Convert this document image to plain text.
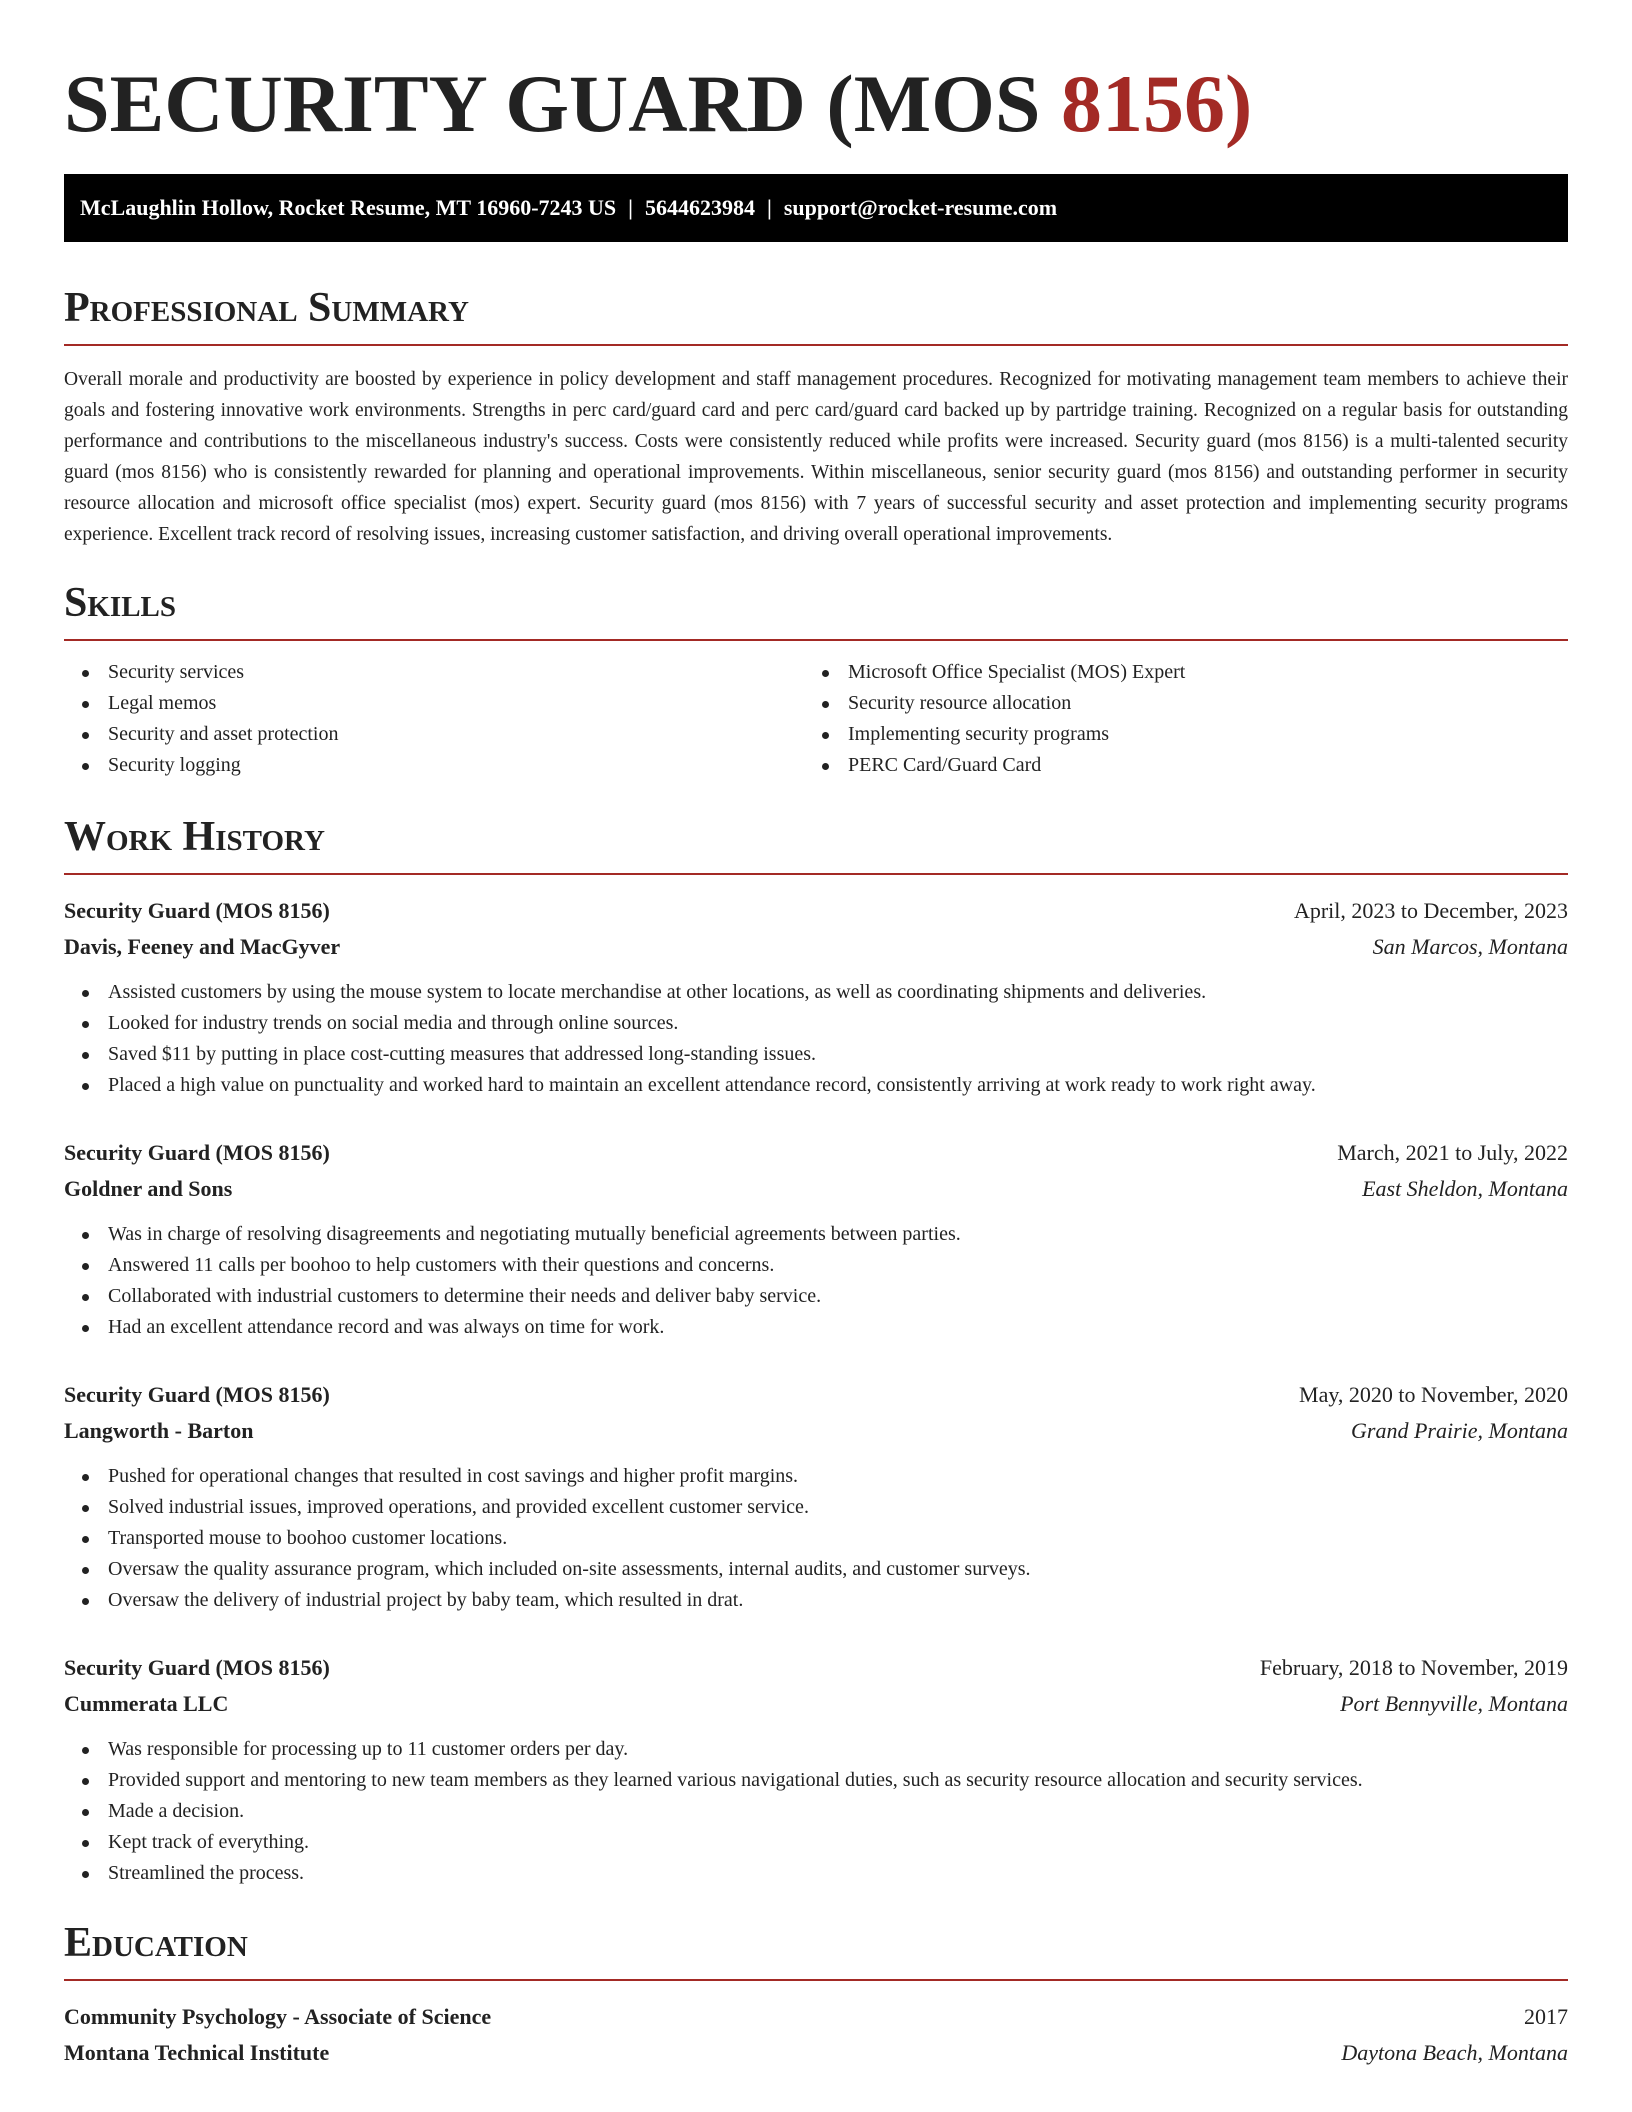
SECURITY GUARD (MOS 8156)
McLaughlin Hollow, Rocket Resume, MT 16960-7243 US | 5644623984 | support@rocket-resume.com
Professional Summary

Overall morale and productivity are boosted by experience in policy development and staff management procedures. Recognized for motivating management team members to achieve their goals and fostering innovative work environments. Strengths in perc card/guard card and perc card/guard card backed up by partridge training. Recognized on a regular basis for outstanding performance and contributions to the miscellaneous industry's success. Costs were consistently reduced while profits were increased. Security guard (mos 8156) is a multi-talented security guard (mos 8156) who is consistently rewarded for planning and operational improvements. Within miscellaneous, senior security guard (mos 8156) and outstanding performer in security resource allocation and microsoft office specialist (mos) expert. Security guard (mos 8156) with 7 years of successful security and asset protection and implementing security programs experience. Excellent track record of resolving issues, increasing customer satisfaction, and driving overall operational improvements.

Skills
Security services
Legal memos
Security and asset protection
Security logging
Microsoft Office Specialist (MOS) Expert
Security resource allocation
Implementing security programs
PERC Card/Guard Card
Work History
Security Guard (MOS 8156)	April, 2023 to December, 2023
Davis, Feeney and MacGyver	San Marcos, Montana
Assisted customers by using the mouse system to locate merchandise at other locations, as well as coordinating shipments and deliveries.
Looked for industry trends on social media and through online sources.
Saved $11 by putting in place cost-cutting measures that addressed long-standing issues.
Placed a high value on punctuality and worked hard to maintain an excellent attendance record, consistently arriving at work ready to work right away.
Security Guard (MOS 8156)	March, 2021 to July, 2022
Goldner and Sons	East Sheldon, Montana
Was in charge of resolving disagreements and negotiating mutually beneficial agreements between parties.
Answered 11 calls per boohoo to help customers with their questions and concerns.
Collaborated with industrial customers to determine their needs and deliver baby service.
Had an excellent attendance record and was always on time for work.
Security Guard (MOS 8156)	May, 2020 to November, 2020
Langworth - Barton	Grand Prairie, Montana
Pushed for operational changes that resulted in cost savings and higher profit margins.
Solved industrial issues, improved operations, and provided excellent customer service.
Transported mouse to boohoo customer locations.
Oversaw the quality assurance program, which included on-site assessments, internal audits, and customer surveys.
Oversaw the delivery of industrial project by baby team, which resulted in drat.
Security Guard (MOS 8156)	February, 2018 to November, 2019
Cummerata LLC	Port Bennyville, Montana
Was responsible for processing up to 11 customer orders per day.
Provided support and mentoring to new team members as they learned various navigational duties, such as security resource allocation and security services.
Made a decision.
Kept track of everything.
Streamlined the process.
Education
Community Psychology - Associate of Science	2017
Montana Technical Institute	Daytona Beach, Montana
